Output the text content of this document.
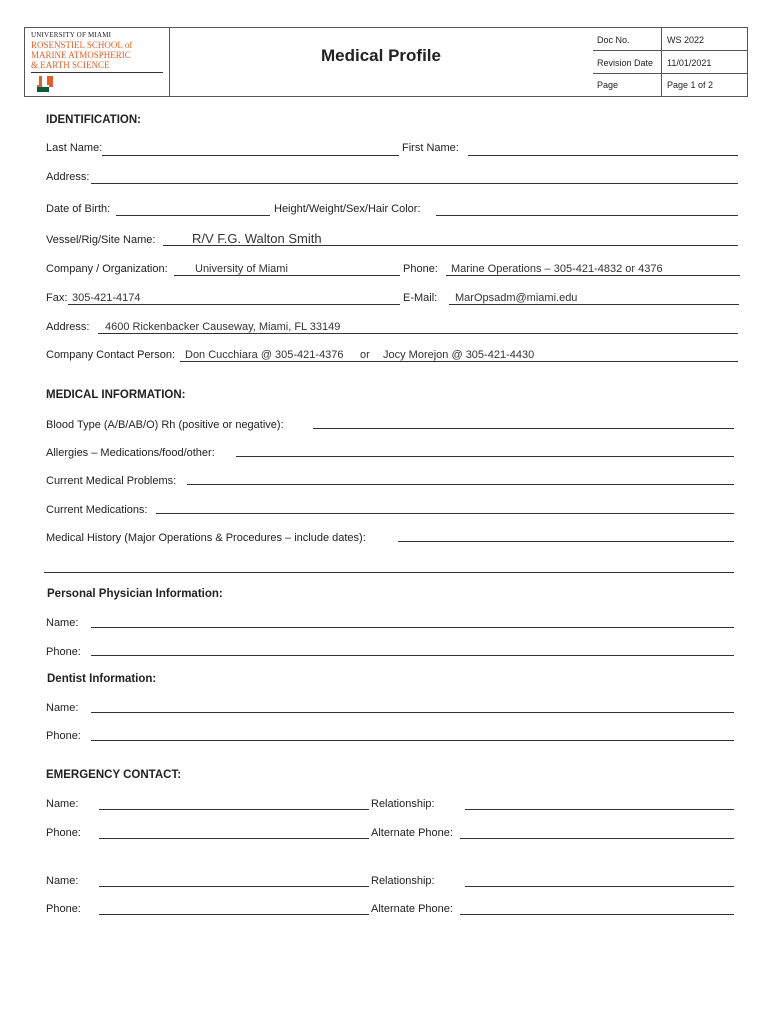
UNIVERSITY OF MIAMI
ROSENSTIEL SCHOOL of
MARINE ATMOSPHERIC
& EARTH SCIENCE	Medical Profile
Doc No.	WS 2022
Revision Date 11/01/2021
Page	Page 1 of 2
IDENTIFICATION:
Last Name:	First Name:
Address:
Date of Birth:	Height/Weight/Sex/Hair Color:
Vessel/Rig/Site Name:	R/V F.G. Walton Smith
Company / Organization: University of Miami	Phone: Marine Operations – 305-421-4832 or 4376
Fax: 305-421-4174	E-Mail: MarOpsadm@miami.edu
Address: 4600 Rickenbacker Causeway, Miami, FL 33149
Company Contact Person: Don Cucchiara @ 305-421-4376 or Jocy Morejon @ 305-421-4430
MEDICAL INFORMATION:
Blood Type (A/B/AB/O) Rh (positive or negative):
Allergies – Medications/food/other:
Current Medical Problems:
Current Medications:
Medical History (Major Operations & Procedures – include dates):
Personal Physician Information:
Name:
Phone:
Dentist Information:
Name:
Phone:
EMERGENCY CONTACT:
Name:	Relationship:
Phone:	Alternate Phone:
Name:	Relationship:
Phone:	Alternate Phone:
